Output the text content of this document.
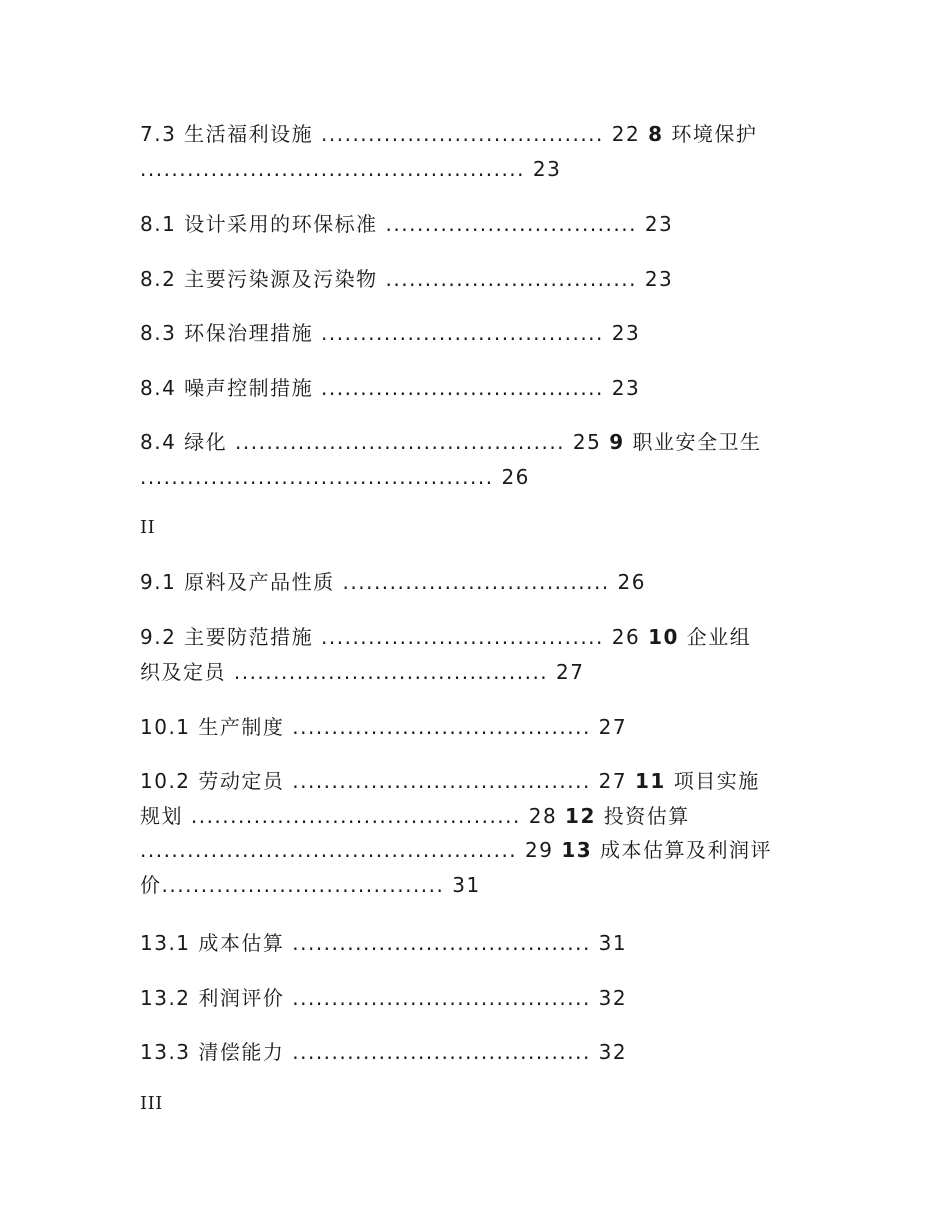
7.3 生活福利设施 .................................... 22 8 环境保护
................................................. 23
8.1 设计采用的环保标准 ................................ 23
8.2 主要污染源及污染物 ................................ 23
8.3 环保治理措施 .................................... 23
8.4 噪声控制措施 .................................... 23
8.4 绿化 .......................................... 25 9 职业安全卫生
............................................. 26
II
9.1 原料及产品性质 .................................. 26
9.2 主要防范措施 .................................... 26 10 企业组
织及定员 ........................................ 27
10.1 生产制度 ...................................... 27
10.2 劳动定员 ...................................... 27 11 项目实施
规划 .......................................... 28 12 投资估算
................................................ 29 13 成本估算及利润评
价.................................... 31
13.1 成本估算 ...................................... 31
13.2 利润评价 ...................................... 32
13.3 清偿能力 ...................................... 32
III
